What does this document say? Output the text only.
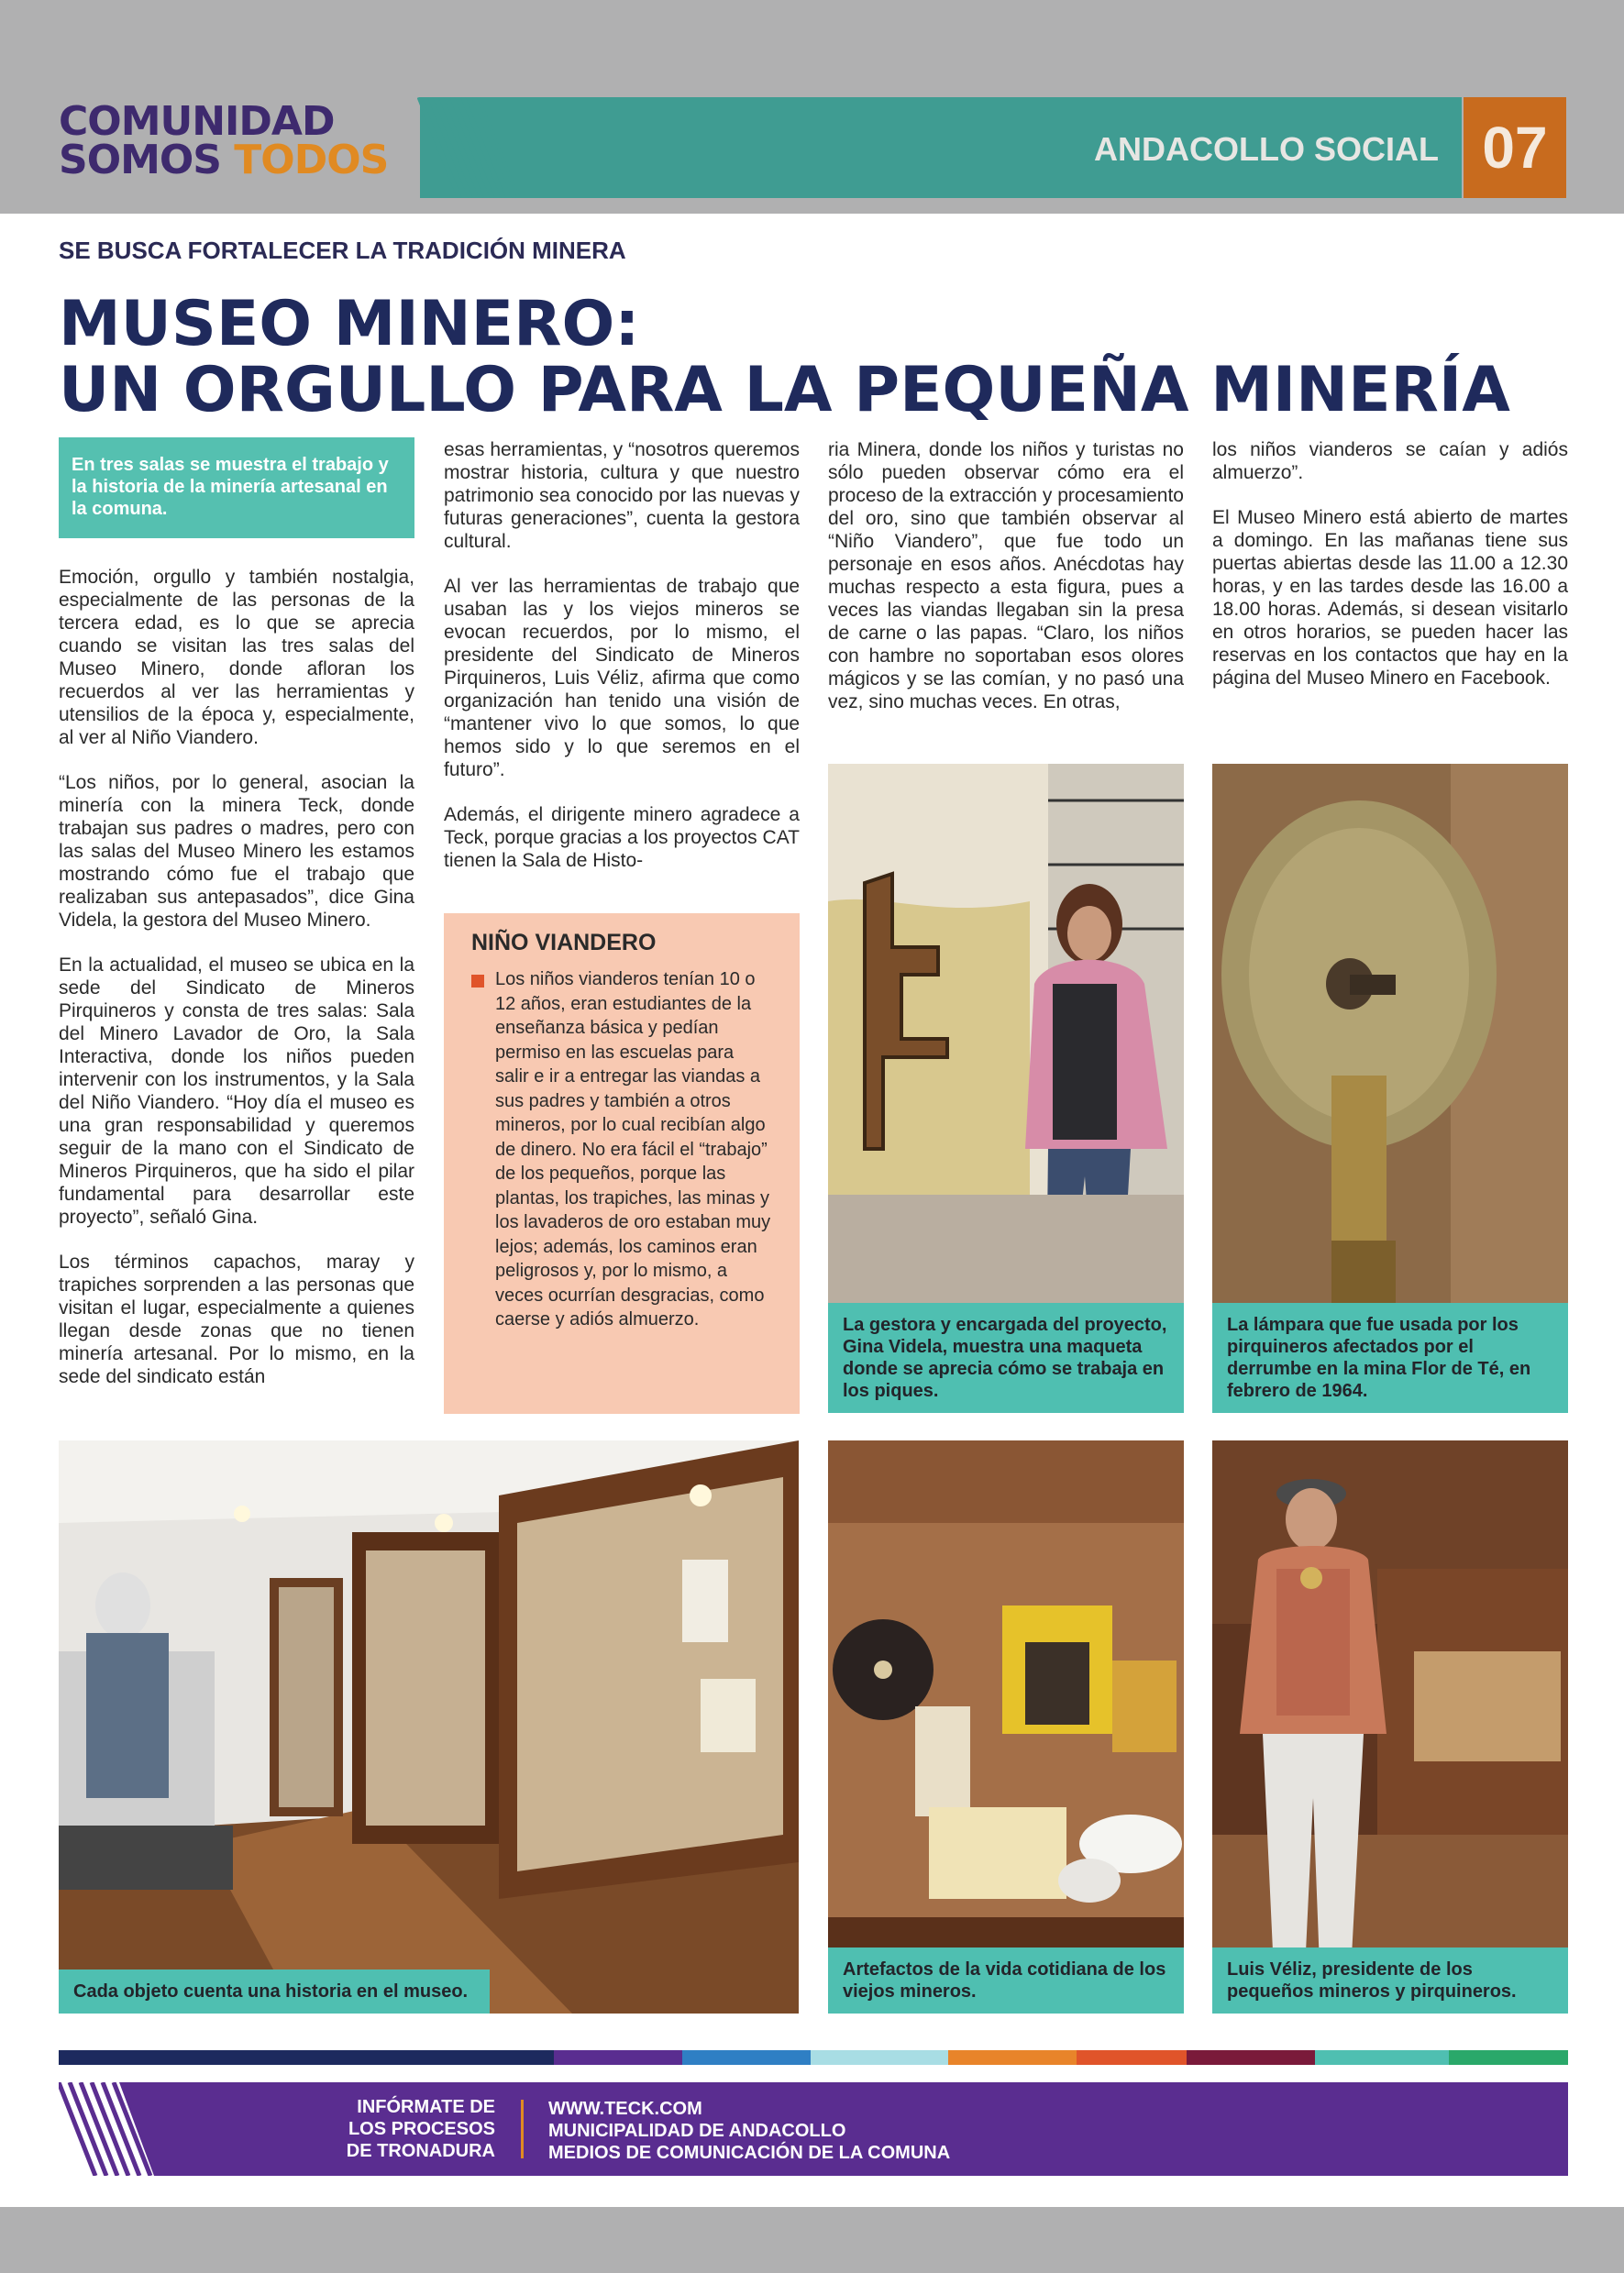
COMUNIDAD
SOMOS TODOS	ANDACOLLO SOCIAL 07
SE BUSCA FORTALECER LA TRADICIÓN MINERA
MUSEO MINERO:
UN ORGULLO PARA LA PEQUEÑA MINERÍA
En tres salas se muestra el trabajo y la historia de la minería artesanal en la comuna.

Emoción, orgullo y también nostalgia, especialmente de las personas de la tercera edad, es lo que se aprecia cuando se visitan las tres salas del Museo Minero, donde afloran los recuerdos al ver las herramientas y utensilios de la época y, especialmente, al ver al Niño Viandero.

“Los niños, por lo general, asocian la minería con la minera Teck, donde trabajan sus padres o madres, pero con las salas del Museo Minero les estamos mostrando cómo fue el trabajo que realizaban sus antepasados”, dice Gina Videla, la gestora del Museo Minero.

En la actualidad, el museo se ubica en la sede del Sindicato de Mineros Pirquineros y consta de tres salas: Sala del Minero Lavador de Oro, la Sala Interactiva, donde los niños pueden intervenir con los instrumentos, y la Sala del Niño Viandero. “Hoy día el museo es una gran responsabilidad y queremos seguir de la mano con el Sindicato de Mineros Pirquineros, que ha sido el pilar fundamental para desarrollar este proyecto”, señaló Gina.

Los términos capachos, maray y trapiches sorprenden a las personas que visitan el lugar, especialmente a quienes llegan desde zonas que no tienen minería artesanal. Por lo mismo, en la sede del sindicato están

esas herramientas, y “nosotros queremos mostrar historia, cultura y que nuestro patrimonio sea conocido por las nuevas y futuras generaciones”, cuenta la gestora cultural.

Al ver las herramientas de trabajo que usaban las y los viejos mineros se evocan recuerdos, por lo mismo, el presidente del Sindicato de Mineros Pirquineros, Luis Véliz, afirma que como organización han tenido una visión de “mantener vivo lo que somos, lo que hemos sido y lo que seremos en el futuro”.

Además, el dirigente minero agradece a Teck, porque gracias a los proyectos CAT tienen la Sala de Histo-

ria Minera, donde los niños y turistas no sólo pueden observar cómo era el proceso de la extracción y procesamiento del oro, sino que también observar al “Niño Viandero”, que fue todo un personaje en esos años. Anécdotas hay muchas respecto a esta figura, pues a veces las viandas llegaban sin la presa de carne o las papas. “Claro, los niños con hambre no soportaban esos olores mágicos y se las comían, y no pasó una vez, sino muchas veces. En otras,

los niños vianderos se caían y adiós almuerzo”.

El Museo Minero está abierto de martes a domingo. En las mañanas tiene sus puertas abiertas desde las 11.00 a 12.30 horas, y en las tardes desde las 16.00 a 18.00 horas. Además, si desean visitarlo en otros horarios, se pueden hacer las reservas en los contactos que hay en la página del Museo Minero en Facebook.

NIÑO VIANDERO
Los niños vianderos tenían 10 o 12 años, eran estudiantes de la enseñanza básica y pedían permiso en las escuelas para salir e ir a entregar las viandas a sus padres y también a otros mineros, por lo cual recibían algo de dinero. No era fácil el “trabajo” de los pequeños, porque las plantas, los trapiches, las minas y los lavaderos de oro estaban muy lejos; además, los caminos eran peligrosos y, por lo mismo, a veces ocurrían desgracias, como caerse y adiós almuerzo.	La gestora y encargada del proyecto, Gina Videla, muestra una maqueta donde se aprecia cómo se trabaja en los piques.
La lámpara que fue usada por los pirquineros afectados por el derrumbe en la mina Flor de Té, en febrero de 1964.
Cada objeto cuenta una historia en el museo.
Artefactos de la vida cotidiana de los viejos mineros.
Luis Véliz, presidente de los pequeños mineros y pirquineros.
INFÓRMATE DE
LOS PROCESOS
DE TRONADURA
WWW.TECK.COM
MUNICIPALIDAD DE ANDACOLLO
MEDIOS DE COMUNICACIÓN DE LA COMUNA
